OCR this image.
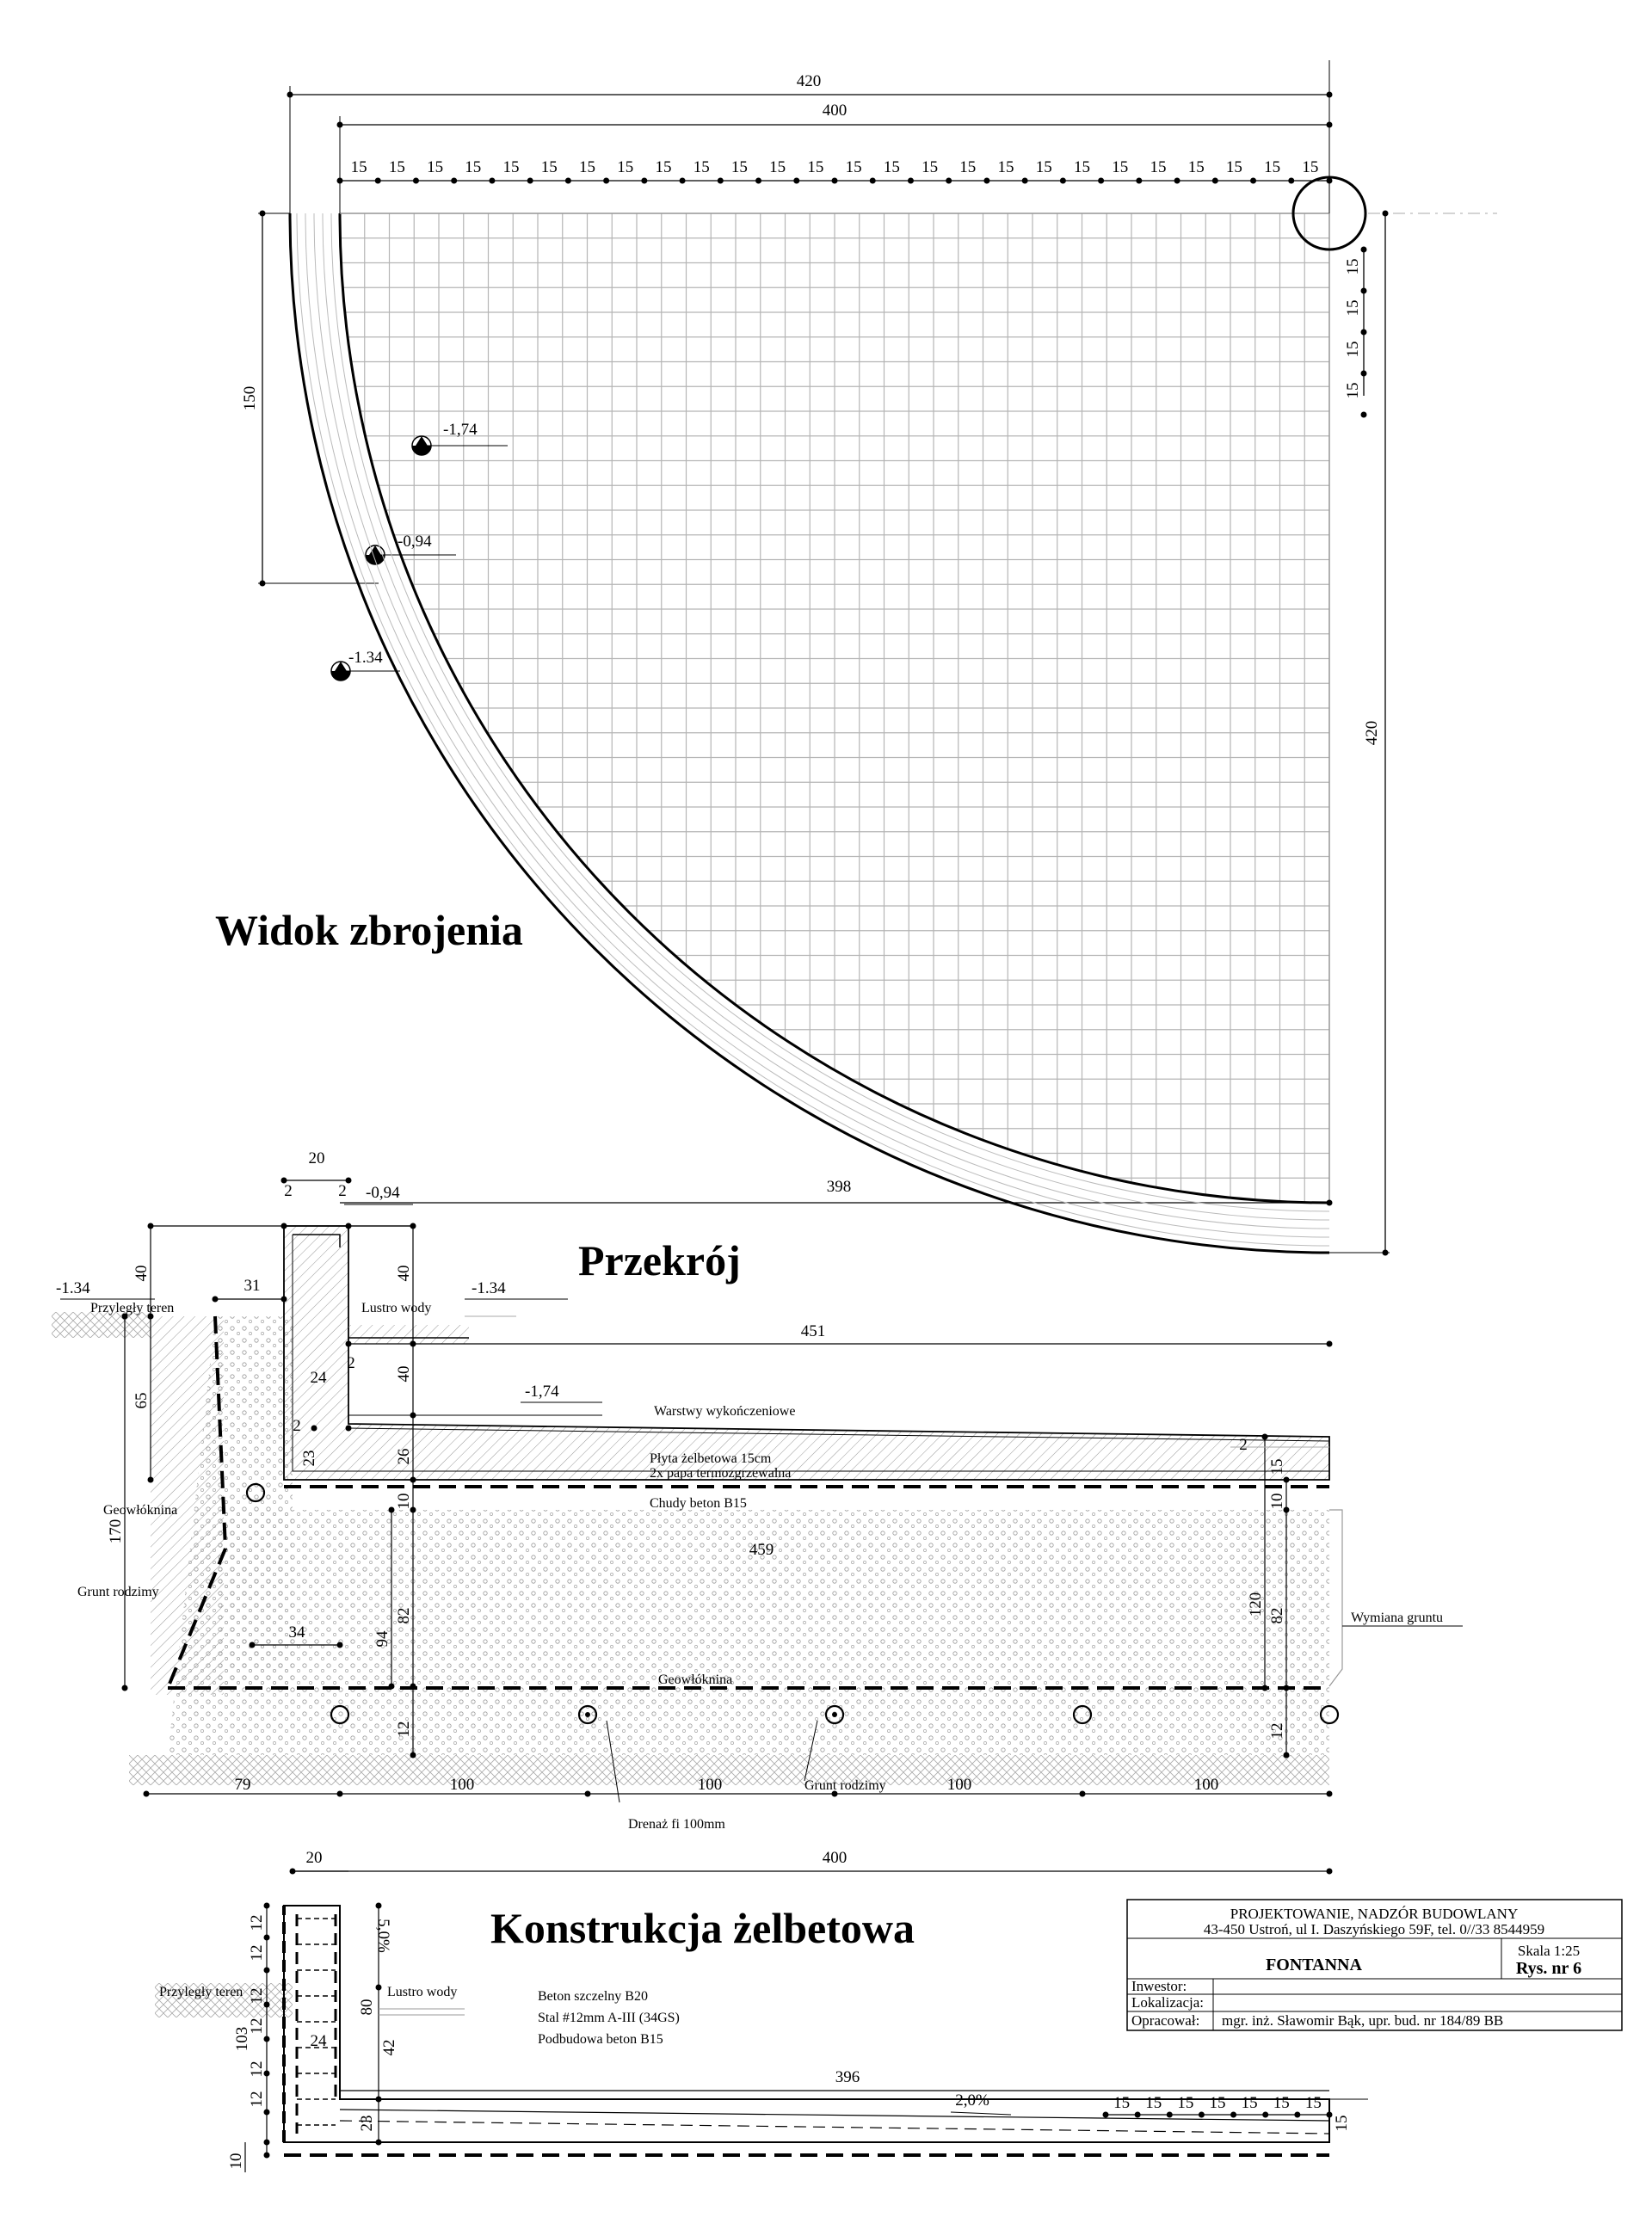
420
400
15 15 15 15 15 15 15 15 15 15 15 15 15 15 15 15 15 15 15 15 15 15 15 15 15 15
150
420
15
15
15
15
398
-1,74
-0,94
-1.34
Widok zbrojenia
Przekrój
20
2	2
40
31
40
451
24
2
40
65
2
23	26
2
15
10	10
459
170
34	94
82	120 82
12	12
79	100	100	100	100
-0,94
-1.34	-1.34
-1,74
Przyległy teren	Lustro wody
Warstwy wykończeniowe
Płyta żelbetowa 15cm
2x papa termozgrzewalna
Chudy beton B15
Geowłóknina
Grunt rodzimy
Wymiana gruntu
Geowłóknina
Grunt rodzimy
Drenaż fi 100mm
Konstrukcja żelbetowa
20	400
12
12
12
12
12
12
103	24
80
42
23
10
5,0%
Przyległy teren	Lustro wody	Beton szczelny B20
Stal #12mm A-III (34GS)
Podbudowa beton B15
396
2,0%	15 15 15 15 15 15 15
15
PROJEKTOWANIE, NADZÓR BUDOWLANY
43-450 Ustroń, ul I. Daszyńskiego 59F, tel. 0//33 8544959
FONTANNA
Skala 1:25
Rys. nr 6
Inwestor:
Lokalizacja:
Opracował: mgr. inż. Sławomir Bąk, upr. bud. nr 184/89 BB
